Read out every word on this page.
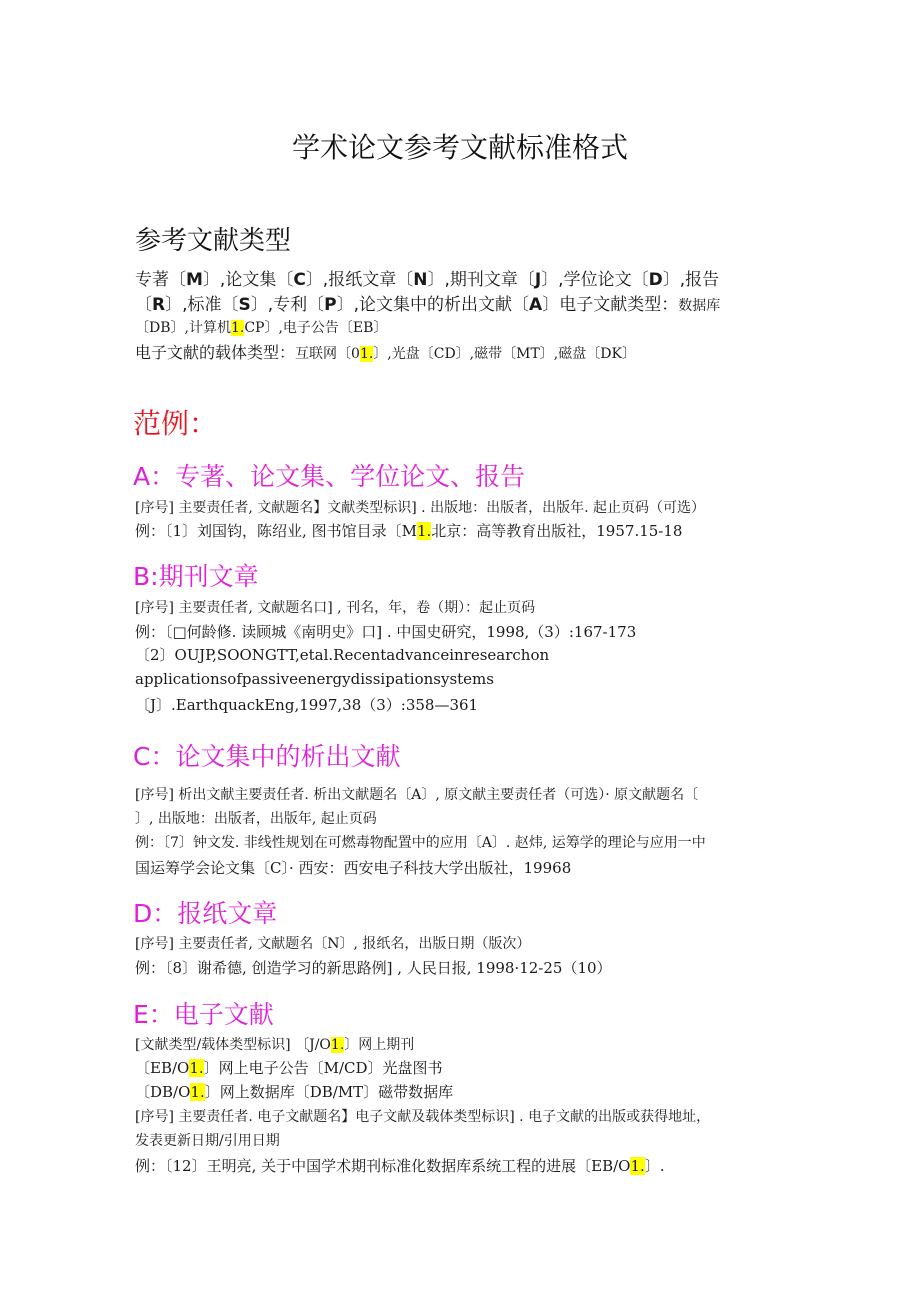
学术论文参考文献标准格式
参考文献类型
专著〔M〕,论文集〔C〕,报纸文章〔N〕,期刊文章〔J〕,学位论文〔D〕,报告
〔R〕,标准〔S〕,专利〔P〕,论文集中的析出文献〔A〕电子文献类型：数据库
〔DB〕,计算机1.CP〕,电子公告〔EB〕
电子文献的载体类型：互联网〔01.〕,光盘〔CD〕,磁带〔MT〕,磁盘〔DK〕
范例：
A：专著、论文集、学位论文、报告
[序号] 主要责任者, 文献题名】文献类型标识] . 出版地：出版者，出版年. 起止页码（可选）
例：〔1〕刘国钧，陈绍业, 图书馆目录〔M1.北京：高等教育出版社，1957.15-18
B:期刊文章
[序号] 主要责任者, 文献题名口] , 刊名，年，卷（期）：起止页码
例：〔□何龄修. 读顾城《南明史》口] . 中国史研究，1998,（3）:167-173
〔2〕OUJP,SOONGTT,etal.Recentadvanceinresearchon
applicationsofpassiveenergydissipationsystems
〔J〕.EarthquackEng,1997,38（3）:358—361
C：论文集中的析出文献
[序号] 析出文献主要责任者. 析出文献题名〔A〕, 原文献主要责任者（可选）· 原文献题名〔
〕, 出版地：出版者，出版年, 起止页码
例：〔7〕钟文发. 非线性规划在可燃毒物配置中的应用〔A〕. 赵炜, 运筹学的理论与应用一中
国运筹学会论文集〔C〕· 西安：西安电子科技大学出版社，19968
D：报纸文章
[序号] 主要责任者, 文献题名〔N〕, 报纸名，出版日期（版次）
例：〔8〕谢希德, 创造学习的新思路例] , 人民日报, 1998·12-25（10）
E：电子文献
[文献类型/载体类型标识] 〔J/O1.〕网上期刊
〔EB/O1.〕网上电子公告〔M/CD〕光盘图书
〔DB/O1.〕网上数据库〔DB/MT〕磁带数据库
[序号] 主要责任者. 电子文献题名】电子文献及载体类型标识] . 电子文献的出版或获得地址，
发表更新日期/引用日期
例：〔12〕王明亮, 关于中国学术期刊标准化数据库系统工程的进展〔EB/O1.〕.
